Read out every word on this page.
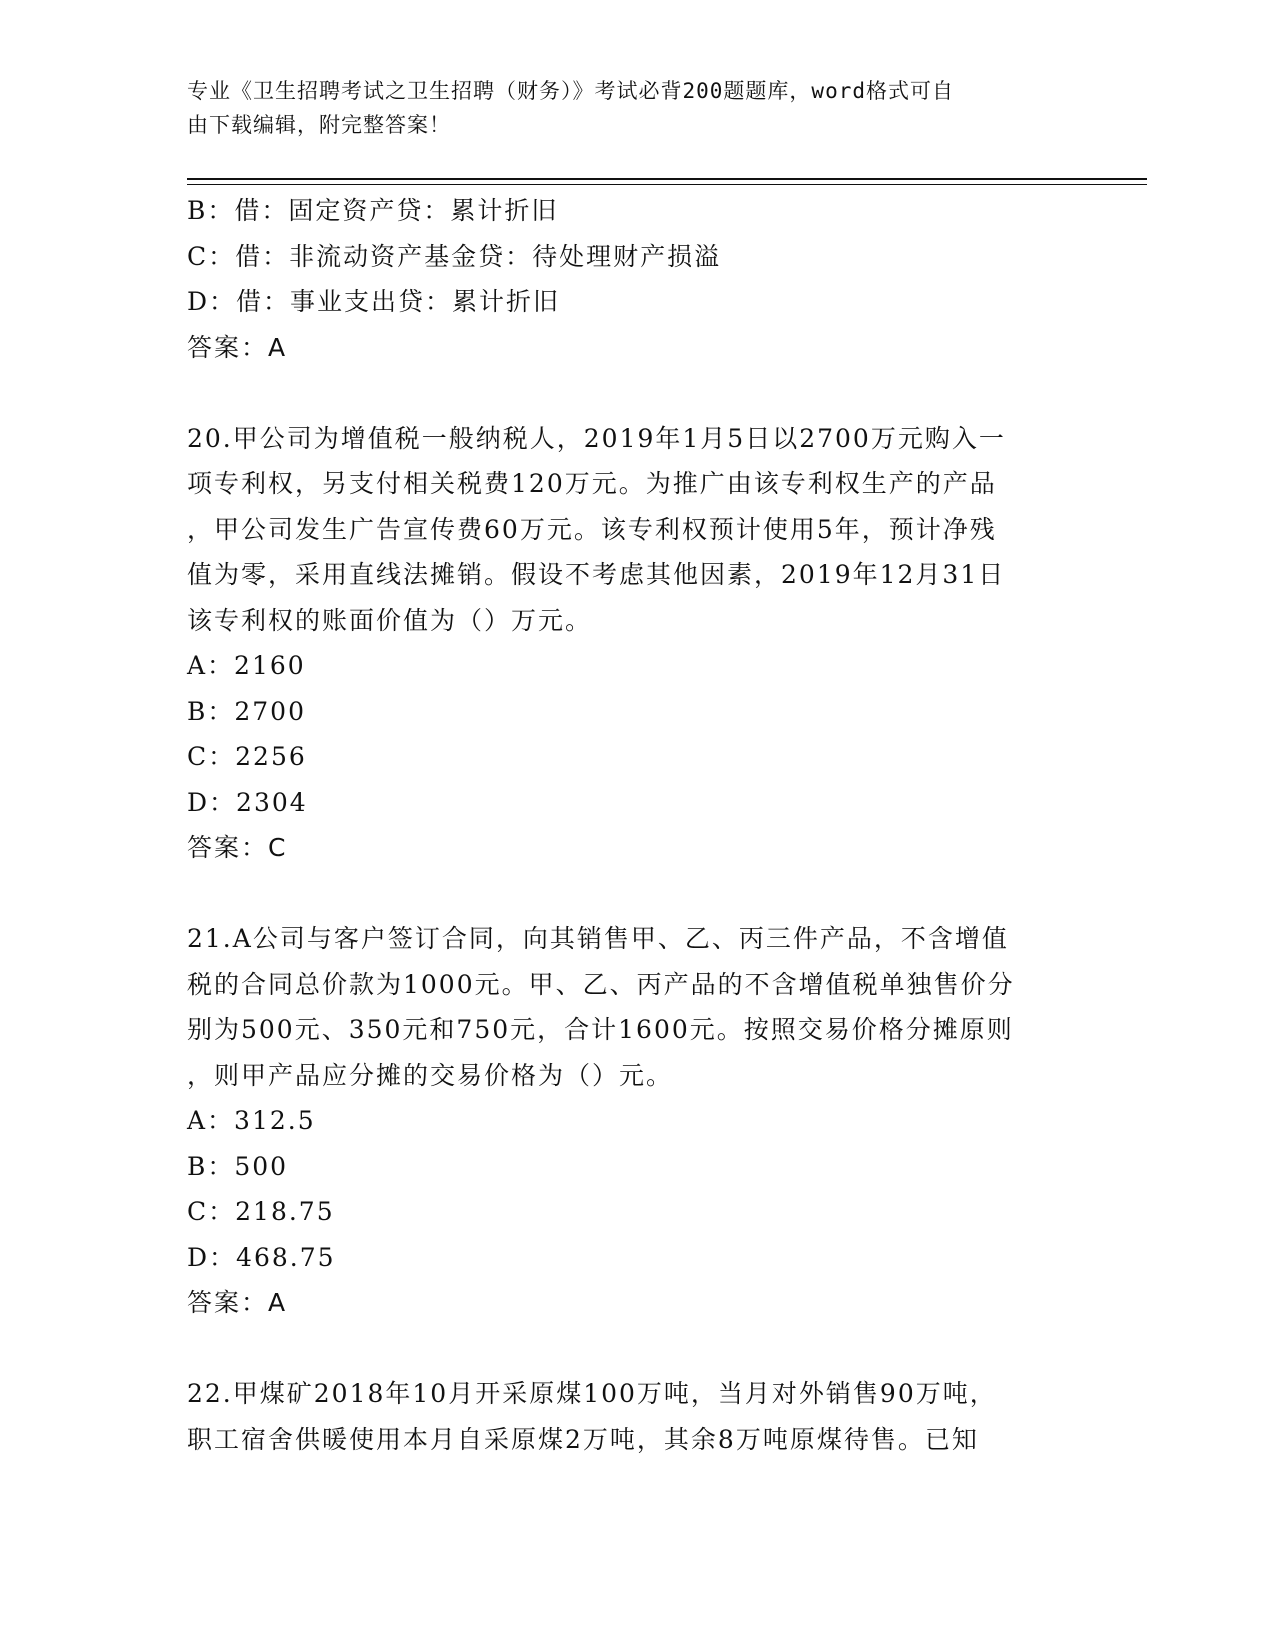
专业《卫生招聘考试之卫生招聘（财务）》考试必背200题题库，word格式可自
由下载编辑，附完整答案！
B：借：固定资产贷：累计折旧
C：借：非流动资产基金贷：待处理财产损溢
D：借：事业支出贷：累计折旧
答案：A
20.甲公司为增值税一般纳税人，2019年1月5日以2700万元购入一
项专利权，另支付相关税费120万元。为推广由该专利权生产的产品
，甲公司发生广告宣传费60万元。该专利权预计使用5年，预计净残
值为零，采用直线法摊销。假设不考虑其他因素，2019年12月31日
该专利权的账面价值为（）万元。
A：2160
B：2700
C：2256
D：2304
答案：C
21.A公司与客户签订合同，向其销售甲、乙、丙三件产品，不含增值
税的合同总价款为1000元。甲、乙、丙产品的不含增值税单独售价分
别为500元、350元和750元，合计1600元。按照交易价格分摊原则
，则甲产品应分摊的交易价格为（）元。
A：312.5
B：500
C：218.75
D：468.75
答案：A
22.甲煤矿2018年10月开采原煤100万吨，当月对外销售90万吨，
职工宿舍供暖使用本月自采原煤2万吨，其余8万吨原煤待售。已知
